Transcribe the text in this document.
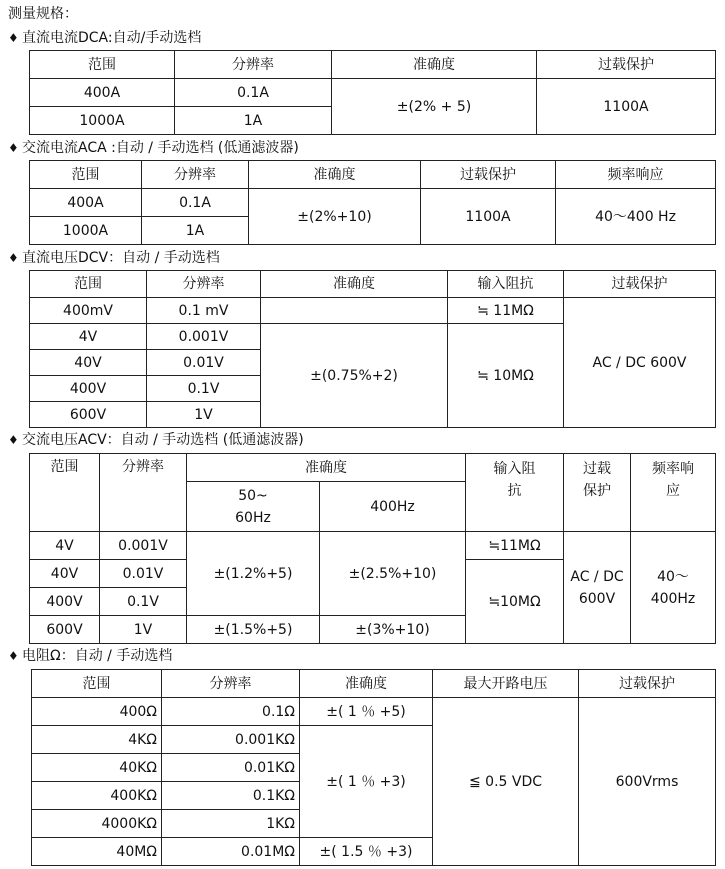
测量规格：
♦ 直流电流DCA:自动/手动选档
范围	分辨率	准确度	过载保护
400A	0.1A	±(2% + 5)	1100A
1000A	1A		
♦ 交流电流ACA :自动 / 手动选档 (低通滤波器)
范围	分辨率	准确度	过载保护	频率响应
400A	0.1A	±(2%+10)	1100A	40～400 Hz
1000A	1A			
♦ 直流电压DCV：自动 / 手动选档
范围	分辨率	准确度	输入阻抗	过载保护
400mV	0.1 mV		≒ 11MΩ	AC / DC 600V
4V	0.001V	±(0.75%+2)	≒ 10MΩ	
40V	0.01V			
400V	0.1V			
600V	1V			
♦ 交流电压ACV：自动 / 手动选档 (低通滤波器)
范围	分辨率	准确度		输入阻抗	过载保护	频率响应
		50~ 60Hz	400Hz			
4V	0.001V	±(1.2%+5)	±(2.5%+10)	≒11MΩ	AC / DC 600V	40～ 400Hz
40V	0.01V			≒10MΩ		
400V	0.1V					
600V	1V	±(1.5%+5)	±(3%+10)			
♦ 电阻Ω：自动 / 手动选档
范围	分辨率	准确度	最大开路电压	过载保护
400Ω	0.1Ω	±( 1 ％ +5)	≦ 0.5 VDC	600Vrms
4KΩ	0.001KΩ	±( 1 ％ +3)		
40KΩ	0.01KΩ			
400KΩ	0.1KΩ			
4000KΩ	1KΩ			
40MΩ	0.01MΩ	±( 1.5 ％ +3)		
